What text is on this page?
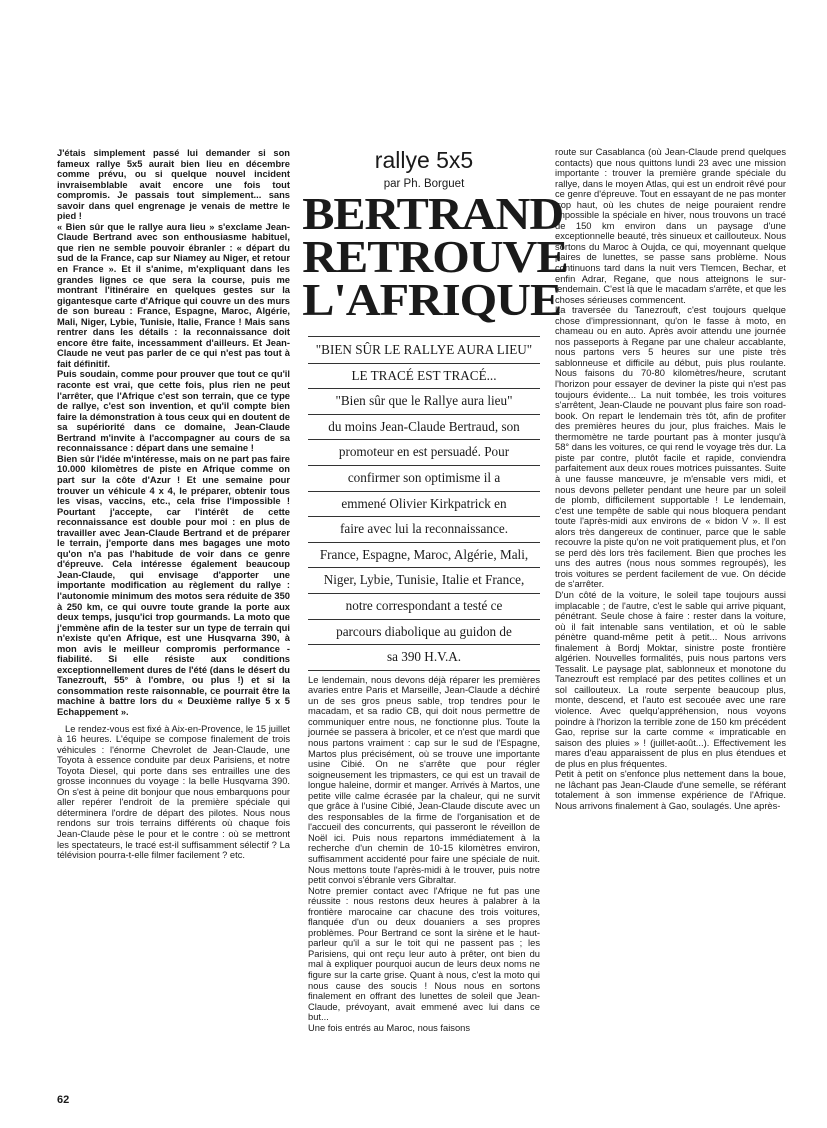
J'étais simplement passé lui demander si son fameux rallye 5x5 aurait bien lieu en décembre comme prévu, ou si quelque nouvel incident invraisemblable avait encore une fois tout compromis. Je passais tout simplement... sans savoir dans quel engrenage je venais de mettre le pied !

« Bien sûr que le rallye aura lieu » s'exclame Jean-Claude Bertrand avec son enthousiasme habituel, que rien ne semble pouvoir ébranler : « départ du sud de la France, cap sur Niamey au Niger, et retour en France ». Et il s'anime, m'expliquant dans les grandes lignes ce que sera la course, puis me montrant l'itinéraire en quelques gestes sur la gigantesque carte d'Afrique qui couvre un des murs de son bureau : France, Espagne, Maroc, Algérie, Mali, Niger, Lybie, Tunisie, Italie, France ! Mais sans rentrer dans les détails : la reconnaissance doit encore être faite, incessamment d'ailleurs. Et Jean-Claude ne veut pas parler de ce qui n'est pas tout à fait définitif.

Puis soudain, comme pour prouver que tout ce qu'il raconte est vrai, que cette fois, plus rien ne peut l'arrêter, que l'Afrique c'est son terrain, que ce type de rallye, c'est son invention, et qu'il compte bien faire la démonstration à tous ceux qui en doutent de sa supériorité dans ce domaine, Jean-Claude Bertrand m'invite à l'accompagner au cours de sa reconnaissance : départ dans une semaine !

Bien sûr l'idée m'intéresse, mais on ne part pas faire 10.000 kilomètres de piste en Afrique comme on part sur la côte d'Azur ! Et une semaine pour trouver un véhicule 4 x 4, le préparer, obtenir tous les visas, vaccins, etc., cela frise l'impossible ! Pourtant j'accepte, car l'intérêt de cette reconnaissance est double pour moi : en plus de travailler avec Jean-Claude Bertrand et de préparer le terrain, j'emporte dans mes bagages une moto qu'on n'a pas l'habitude de voir dans ce genre d'épreuve. Cela intéresse également beaucoup Jean-Claude, qui envisage d'apporter une importante modification au règlement du rallye : l'autonomie minimum des motos sera réduite de 350 à 250 km, ce qui ouvre toute grande la porte aux deux temps, jusqu'ici trop gourmands. La moto que j'emmène afin de la tester sur un type de terrain qui n'existe qu'en Afrique, est une Husqvarna 390, à mon avis le meilleur compromis performance - fiabilité. Si elle résiste aux conditions exceptionnellement dures de l'été (dans le désert du Tanezrouft, 55° à l'ombre, ou plus !) et si la consommation reste raisonnable, ce pourrait être la machine à battre lors du « Deuxième rallye 5 x 5 Echappement ».

Le rendez-vous est fixé à Aix-en-Provence, le 15 juillet à 16 heures. L'équipe se compose finalement de trois véhicules : l'énorme Chevrolet de Jean-Claude, une Toyota à essence conduite par deux Parisiens, et notre Toyota Diesel, qui porte dans ses entrailles une des grosse inconnues du voyage : la belle Husqvarna 390. On s'est à peine dit bonjour que nous embarquons pour aller repérer l'endroit de la première spéciale qui déterminera l'ordre de départ des pilotes. Nous nous rendons sur trois terrains différents où chaque fois Jean-Claude pèse le pour et le contre : où se mettront les spectateurs, le tracé est-il suffisamment sélectif ? La télévision pourra-t-elle filmer facilement ? etc.

rallye 5x5

par Ph. Borguet

BERTRAND
RETROUVE
L'AFRIQUE
"BIEN SÛR LE RALLYE AURA LIEU"
LE TRACÉ EST TRACÉ...
"Bien sûr que le Rallye aura lieu"
du moins Jean-Claude Bertraud, son
promoteur en est persuadé. Pour
confirmer son optimisme il a
emmené Olivier Kirkpatrick en
faire avec lui la reconnaissance.
France, Espagne, Maroc, Algérie, Mali,
Niger, Lybie, Tunisie, Italie et France,
notre correspondant a testé ce
parcours diabolique au guidon de
sa 390 H.V.A.

Le lendemain, nous devons déjà réparer les premières avaries entre Paris et Marseille, Jean-Claude a déchiré un de ses gros pneus sable, trop tendres pour le macadam, et sa radio CB, qui doit nous permettre de communiquer entre nous, ne fonctionne plus. Toute la journée se passera à bricoler, et ce n'est que mardi que nous partons vraiment : cap sur le sud de l'Espagne, Martos plus précisément, où se trouve une importante usine Cibié. On ne s'arrête que pour régler soigneusement les tripmasters, ce qui est un travail de longue haleine, dormir et manger. Arrivés à Martos, une petite ville calme écrasée par la chaleur, qui ne survit que grâce à l'usine Cibié, Jean-Claude discute avec un des responsables de la firme de l'organisation et de l'accueil des concurrents, qui passeront le réveillon de Noël ici. Puis nous repartons immédiatement à la recherche d'un chemin de 10-15 kilomètres environ, suffisamment accidenté pour faire une spéciale de nuit. Nous mettons toute l'après-midi à le trouver, puis notre petit convoi s'ébranle vers Gibraltar.

Notre premier contact avec l'Afrique ne fut pas une réussite : nous restons deux heures à palabrer à la frontière marocaine car chacune des trois voitures, flanquée d'un ou deux douaniers a ses propres problèmes. Pour Bertrand ce sont la sirène et le haut-parleur qu'il a sur le toit qui ne passent pas ; les Parisiens, qui ont reçu leur auto à prêter, ont bien du mal à expliquer pourquoi aucun de leurs deux noms ne figure sur la carte grise. Quant à nous, c'est la moto qui nous cause des soucis ! Nous nous en sortons finalement en offrant des lunettes de soleil que Jean-Claude, prévoyant, avait emmené avec lui dans ce but...

Une fois entrés au Maroc, nous faisons

route sur Casablanca (où Jean-Claude prend quelques contacts) que nous quittons lundi 23 avec une mission importante : trouver la première grande spéciale du rallye, dans le moyen Atlas, qui est un endroit rêvé pour ce genre d'épreuve. Tout en essayant de ne pas monter trop haut, où les chutes de neige pouraient rendre impossible la spéciale en hiver, nous trouvons un tracé de 150 km environ dans un paysage d'une exceptionnelle beauté, très sinueux et caillouteux. Nous sortons du Maroc à Oujda, ce qui, moyennant quelque paires de lunettes, se passe sans problème. Nous continuons tard dans la nuit vers Tlemcen, Bechar, et enfin Adrar, Regane, que nous atteignons le sur-lendemain. C'est là que le macadam s'arrête, et que les choses sérieuses commencent.

La traversée du Tanezrouft, c'est toujours quelque chose d'impressionnant, qu'on le fasse à moto, en chameau ou en auto. Après avoir attendu une journée nos passeports à Regane par une chaleur accablante, nous partons vers 5 heures sur une piste très sablonneuse et difficile au début, puis plus roulante. Nous faisons du 70-80 kilomètres/heure, scrutant l'horizon pour essayer de deviner la piste qui n'est pas toujours évidente... La nuit tombée, les trois voitures s'arrêtent, Jean-Claude ne pouvant plus faire son road-book. On repart le lendemain très tôt, afin de profiter des premières heures du jour, plus fraiches. Mais le thermomètre ne tarde pourtant pas à monter jusqu'à 58° dans les voitures, ce qui rend le voyage très dur. La piste par contre, plutôt facile et rapide, conviendra parfaitement aux deux roues motrices puissantes. Suite à une fausse manœuvre, je m'ensable vers midi, et nous devons pelleter pendant une heure par un soleil de plomb, difficilement supportable ! Le lendemain, c'est une tempête de sable qui nous bloquera pendant toute l'après-midi aux environs de « bidon V ». Il est alors très dangereux de continuer, parce que le sable recouvre la piste qu'on ne voit pratiquement plus, et l'on se perd dès lors très facilement. Bien que proches les uns des autres (nous nous sommes regroupés), les trois voitures se perdent facilement de vue. On décide de s'arrêter.

D'un côté de la voiture, le soleil tape toujours aussi implacable ; de l'autre, c'est le sable qui arrive piquant, pénétrant. Seule chose à faire : rester dans la voiture, où il fait intenable sans ventilation, et où le sable pénètre quand-même petit à petit... Nous arrivons finalement à Bordj Moktar, sinistre poste frontière algérien. Nouvelles formalités, puis nous partons vers Tessalit. Le paysage plat, sablonneux et monotone du Tanezrouft est remplacé par des petites collines et un sol caillouteux. La route serpente beaucoup plus, monte, descend, et l'auto est secouée avec une rare violence. Avec quelqu'appréhension, nous voyons poindre à l'horizon la terrible zone de 150 km précédent Gao, reprise sur la carte comme « impraticable en saison des pluies » ! (juillet-août...). Effectivement les mares d'eau apparaissent de plus en plus étendues et de plus en plus fréquentes.

Petit à petit on s'enfonce plus nettement dans la boue, ne lâchant pas Jean-Claude d'une semelle, se référant totalement à son immense expérience de l'Afrique. Nous arrivons finalement à Gao, soulagés. Une après-

62
